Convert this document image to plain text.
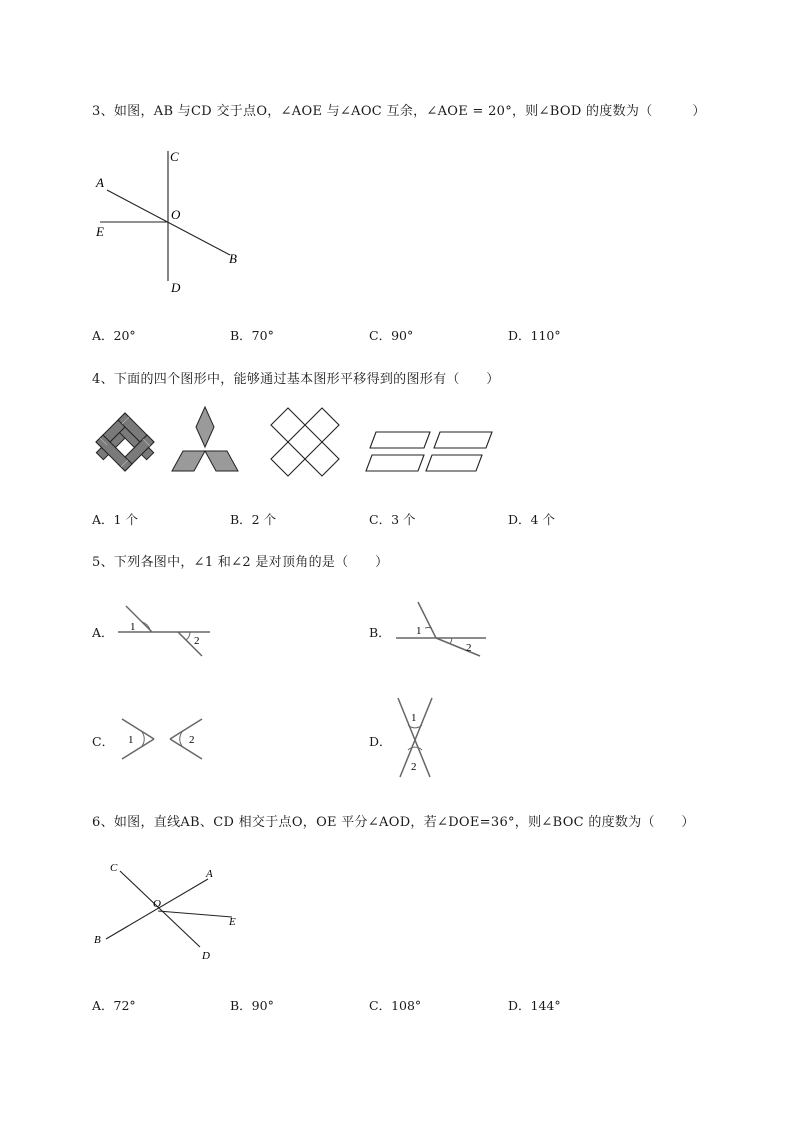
3、如图，AB 与CD 交于点O，∠AOE 与∠AOC 互余，∠AOE = 20°，则∠BOD 的度数为（　　　）
C
A
O
E
B
D
A．20°	B．70°	C．90°	D．110°
4、下面的四个图形中，能够通过基本图形平移得到的图形有（　　）
A．1 个	B．2 个	C．3 个	D．4 个
5、下列各图中，∠1 和∠2 是对顶角的是（　　）
A． 1
2
B． 1
2
C． 1	2	D．
1
2
6、如图，直线AB、CD 相交于点O，OE 平分∠AOD，若∠DOE=36°，则∠BOC 的度数为（　　）
C	A
O
E
B
D
A．72°	B．90°	C．108°	D．144°
